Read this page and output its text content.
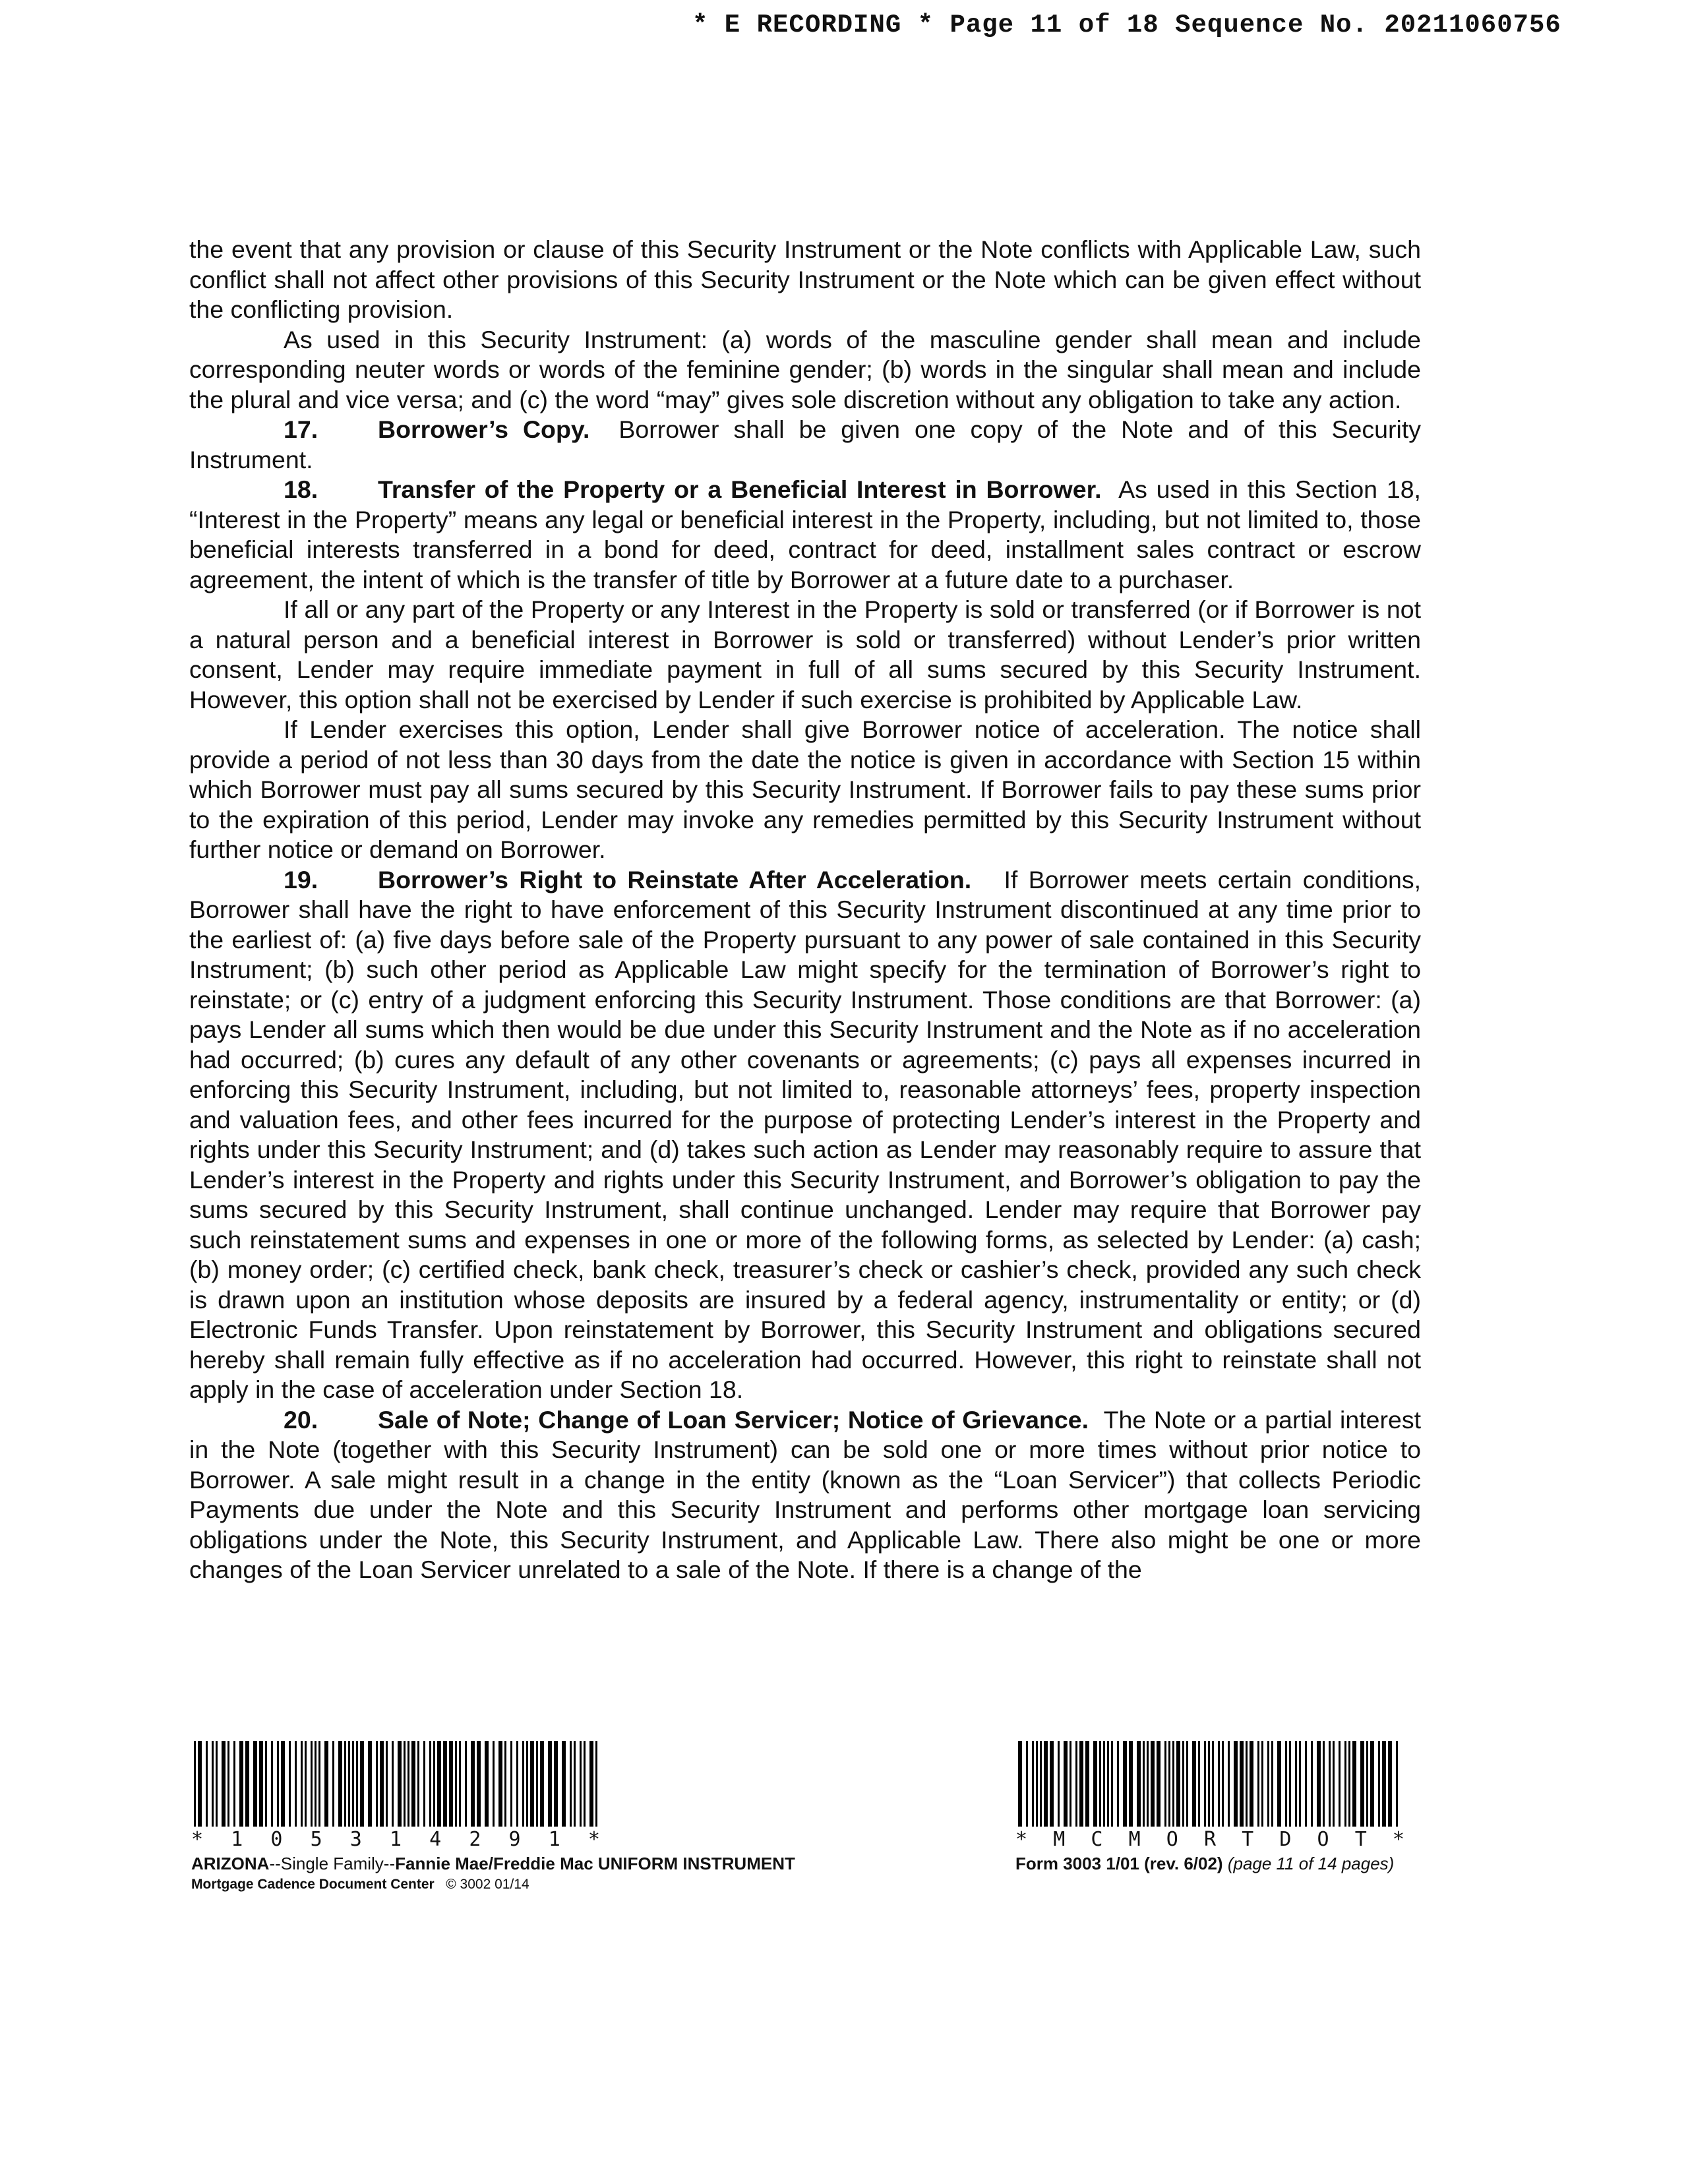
* E RECORDING * Page 11 of 18 Sequence No. 20211060756

the event that any provision or clause of this Security Instrument or the Note conflicts with Applicable Law, such conflict shall not affect other provisions of this Security Instrument or the Note which can be given effect without the conflicting provision.

As used in this Security Instrument: (a) words of the masculine gender shall mean and include corresponding neuter words or words of the feminine gender; (b) words in the singular shall mean and include the plural and vice versa; and (c) the word “may” gives sole discretion without any obligation to take any action.

17. Borrower’s Copy. Borrower shall be given one copy of the Note and of this Security Instrument.

18. Transfer of the Property or a Beneficial Interest in Borrower. As used in this Section 18, “Interest in the Property” means any legal or beneficial interest in the Property, including, but not limited to, those beneficial interests transferred in a bond for deed, contract for deed, installment sales contract or escrow agreement, the intent of which is the transfer of title by Borrower at a future date to a purchaser.

If all or any part of the Property or any Interest in the Property is sold or transferred (or if Borrower is not a natural person and a beneficial interest in Borrower is sold or transferred) without Lender’s prior written consent, Lender may require immediate payment in full of all sums secured by this Security Instrument. However, this option shall not be exercised by Lender if such exercise is prohibited by Applicable Law.

If Lender exercises this option, Lender shall give Borrower notice of acceleration. The notice shall provide a period of not less than 30 days from the date the notice is given in accordance with Section 15 within which Borrower must pay all sums secured by this Security Instrument. If Borrower fails to pay these sums prior to the expiration of this period, Lender may invoke any remedies permitted by this Security Instrument without further notice or demand on Borrower.

19. Borrower’s Right to Reinstate After Acceleration. If Borrower meets certain conditions, Borrower shall have the right to have enforcement of this Security Instrument discontinued at any time prior to the earliest of: (a) five days before sale of the Property pursuant to any power of sale contained in this Security Instrument; (b) such other period as Applicable Law might specify for the termination of Borrower’s right to reinstate; or (c) entry of a judgment enforcing this Security Instrument. Those conditions are that Borrower: (a) pays Lender all sums which then would be due under this Security Instrument and the Note as if no acceleration had occurred; (b) cures any default of any other covenants or agreements; (c) pays all expenses incurred in enforcing this Security Instrument, including, but not limited to, reasonable attorneys’ fees, property inspection and valuation fees, and other fees incurred for the purpose of protecting Lender’s interest in the Property and rights under this Security Instrument; and (d) takes such action as Lender may reasonably require to assure that Lender’s interest in the Property and rights under this Security Instrument, and Borrower’s obligation to pay the sums secured by this Security Instrument, shall continue unchanged. Lender may require that Borrower pay such reinstatement sums and expenses in one or more of the following forms, as selected by Lender: (a) cash; (b) money order; (c) certified check, bank check, treasurer’s check or cashier’s check, provided any such check is drawn upon an institution whose deposits are insured by a federal agency, instrumentality or entity; or (d) Electronic Funds Transfer. Upon reinstatement by Borrower, this Security Instrument and obligations secured hereby shall remain fully effective as if no acceleration had occurred. However, this right to reinstate shall not apply in the case of acceleration under Section 18.

20. Sale of Note; Change of Loan Servicer; Notice of Grievance. The Note or a partial interest in the Note (together with this Security Instrument) can be sold one or more times without prior notice to Borrower. A sale might result in a change in the entity (known as the “Loan Servicer”) that collects Periodic Payments due under the Note and this Security Instrument and performs other mortgage loan servicing obligations under the Note, this Security Instrument, and Applicable Law. There also might be one or more changes of the Loan Servicer unrelated to a sale of the Note. If there is a change of the

* 1 0 5 3 1 4 2 9 1 *
ARIZONA--Single Family--Fannie Mae/Freddie Mac UNIFORM INSTRUMENT
Mortgage Cadence Document Center © 3002 01/14
* M C M O R T D O T *
Form 3003 1/01 (rev. 6/02) (page 11 of 14 pages)
